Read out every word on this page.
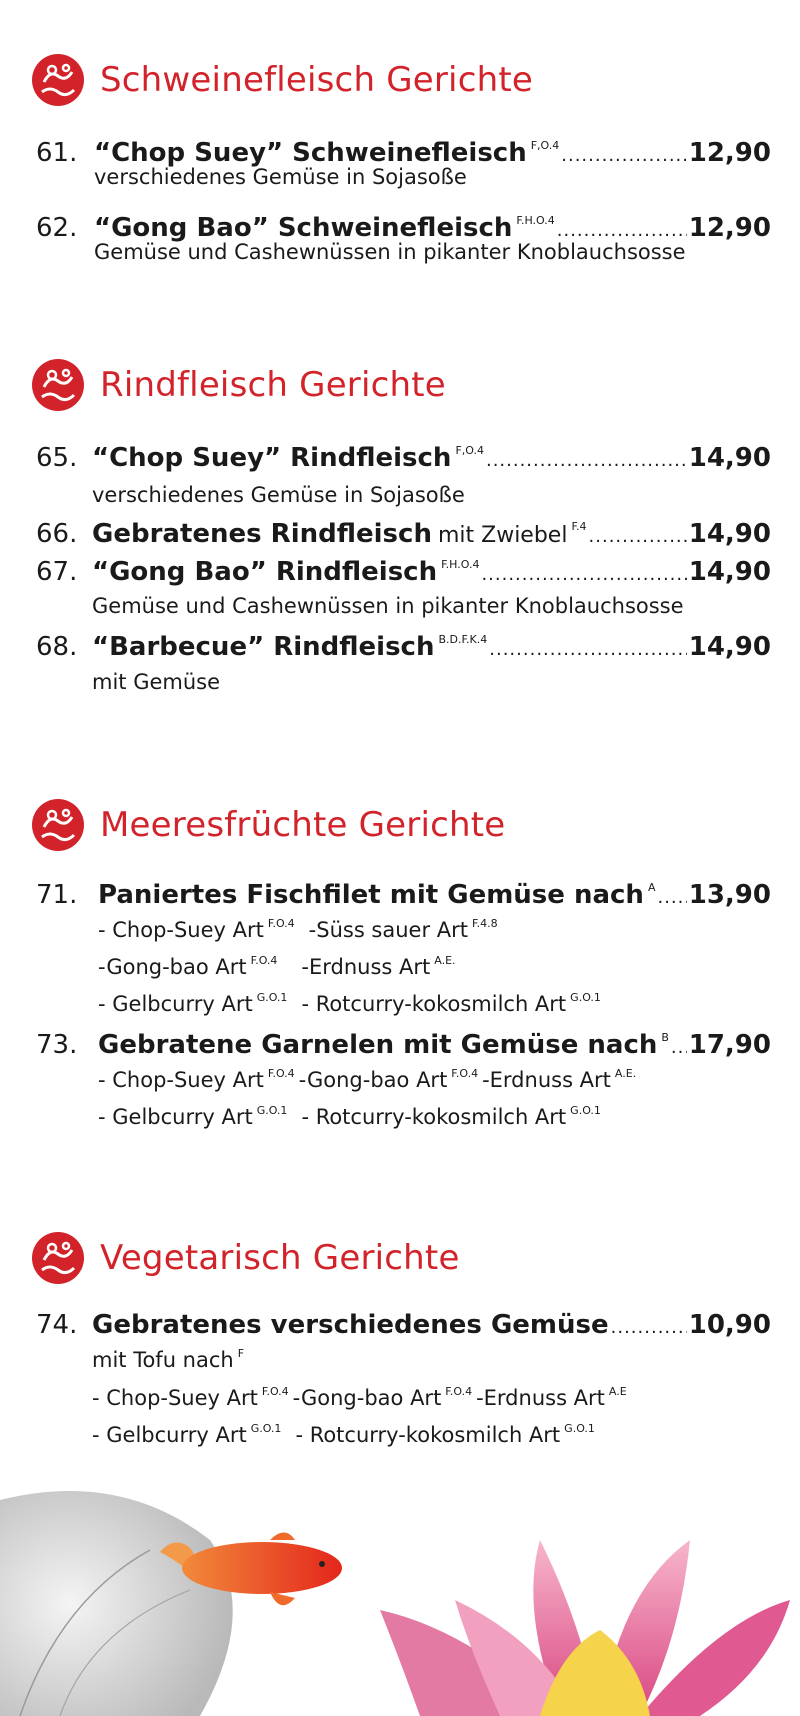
Schweinefleisch Gerichte
61. “Chop Suey” Schweinefleisch F,O.4 .....	12,90
verschiedenes Gemüse in Sojasoße
62. “Gong Bao” Schweinefleisch F.H.O.4 .....	12,90
Gemüse und Cashewnüssen in pikanter Knoblauchsosse
Rindfleisch Gerichte
65. “Chop Suey” Rindfleisch F,O.4 .....	14,90
verschiedenes Gemüse in Sojasoße
66. Gebratenes Rindfleisch mit Zwiebel F.4 .....	14,90
67. “Gong Bao” Rindfleisch F.H.O.4 .....	14,90
Gemüse und Cashewnüssen in pikanter Knoblauchsosse
68. “Barbecue” Rindfleisch B.D.F.K.4 .....	14,90
mit Gemüse
Meeresfrüchte Gerichte
71. Paniertes Fischfilet mit Gemüse nach A ..... 13,90
- Chop-Suey Art $^{F.O.4}$ -Süss sauer Art $^{F.4.8}$
-Gong-bao Art $^{F.O.4}$ -Erdnuss Art $^{A.E.}$
- Gelbcurry Art $^{G.O.1}$ - Rotcurry-kokosmilch Art $^{G.O.1}$
73. Gebratene Garnelen mit Gemüse nach B ..... 17,90
- Chop-Suey Art $^{F.O.4}$ -Gong-bao Art $^{F.O.4}$ -Erdnuss Art $^{A.E.}$
- Gelbcurry Art $^{G.O.1}$ - Rotcurry-kokosmilch Art $^{G.O.1}$
Vegetarisch Gerichte
74. Gebratenes verschiedenes Gemüse .....	10,90
mit Tofu nach $^F$
- Chop-Suey Art $^{F.O.4}$ -Gong-bao Art $^{F.O.4}$ -Erdnuss Art $^{A.E}$
- Gelbcurry Art $^{G.O.1}$ - Rotcurry-kokosmilch Art $^{G.O.1}$
